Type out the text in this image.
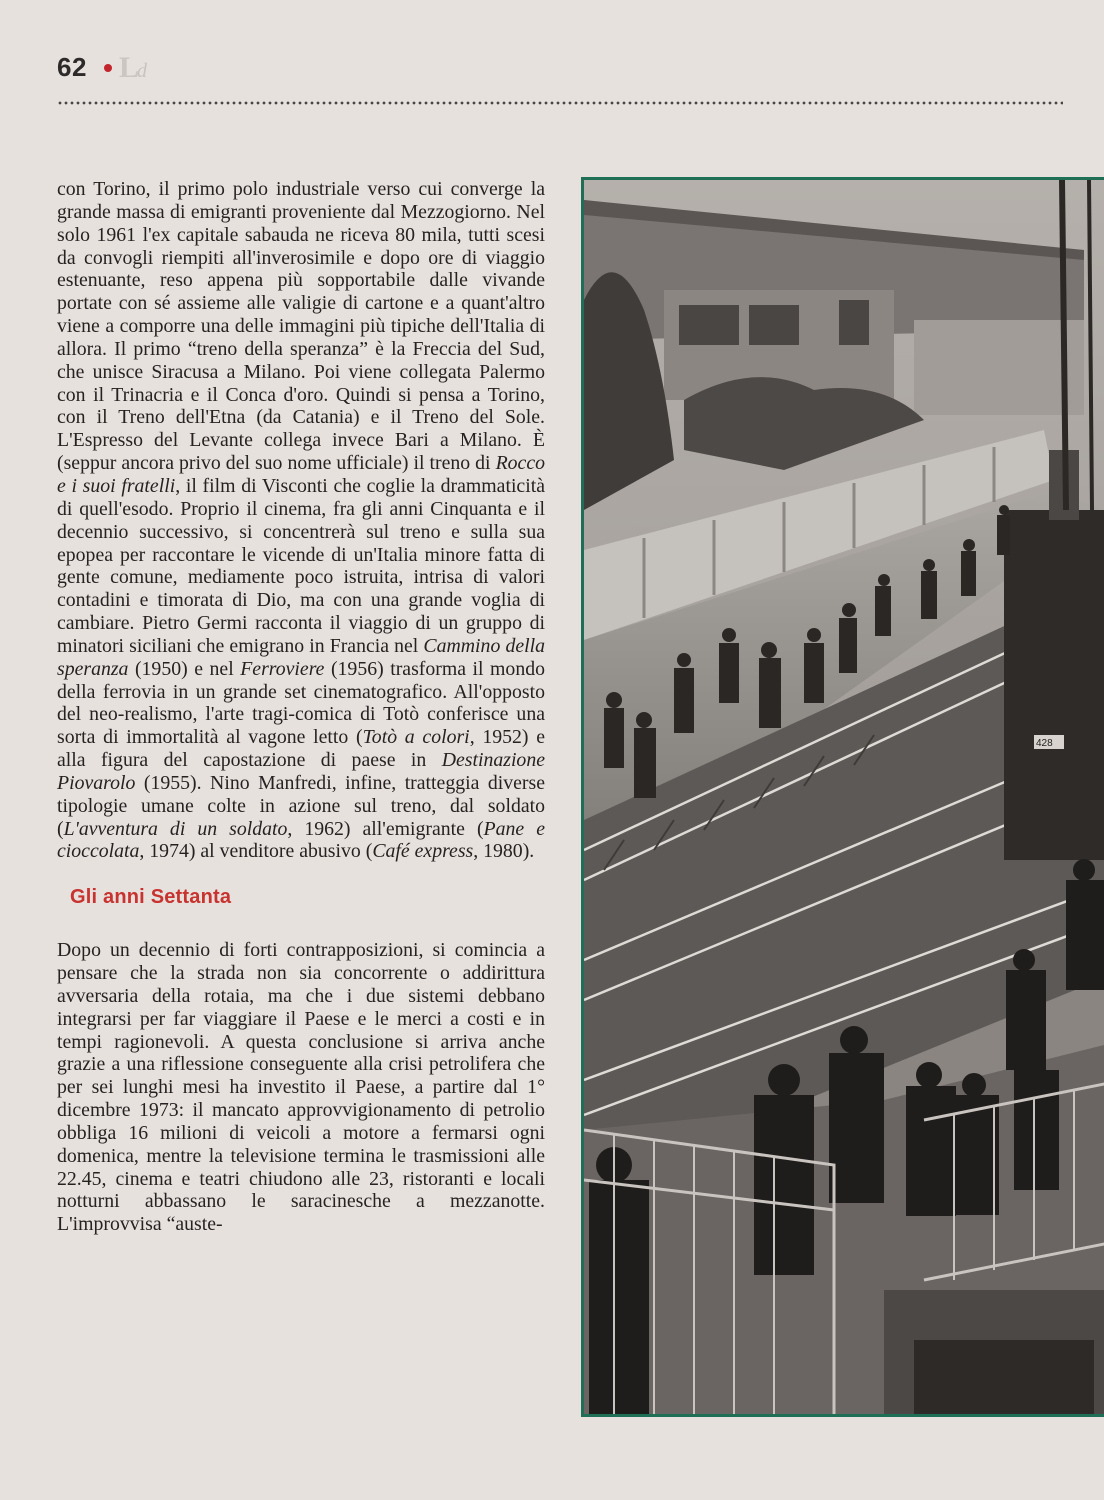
62 Ld

con Torino, il primo polo industriale verso cui converge la grande massa di emigranti proveniente dal Mezzogiorno. Nel solo 1961 l'ex capitale sabauda ne riceva 80 mila, tutti scesi da convogli riempiti all'inverosimile e dopo ore di viaggio estenuante, reso appena più sopportabile dalle vivande portate con sé assieme alle valigie di cartone e a quant'altro viene a comporre una delle immagini più tipiche dell'Italia di allora. Il primo “treno della speranza” è la Freccia del Sud, che unisce Siracusa a Milano. Poi viene collegata Palermo con il Trinacria e il Conca d'oro. Quindi si pensa a Torino, con il Treno dell'Etna (da Catania) e il Treno del Sole. L'Espresso del Levante collega invece Bari a Milano. È (seppur ancora privo del suo nome ufficiale) il treno di Rocco e i suoi fratelli, il film di Visconti che coglie la drammaticità di quell'esodo. Proprio il cinema, fra gli anni Cinquanta e il decennio successivo, si concentrerà sul treno e sulla sua epopea per raccontare le vicende di un'Italia minore fatta di gente comune, mediamente poco istruita, intrisa di valori contadini e timorata di Dio, ma con una grande voglia di cambiare. Pietro Germi racconta il viaggio di un gruppo di minatori siciliani che emigrano in Francia nel Cammino della speranza (1950) e nel Ferroviere (1956) trasforma il mondo della ferrovia in un grande set cinematografico. All'opposto del neo-realismo, l'arte tragi-comica di Totò conferisce una sorta di immortalità al vagone letto (Totò a colori, 1952) e alla figura del capostazione di paese in Destinazione Piovarolo (1955). Nino Manfredi, infine, tratteggia diverse tipologie umane colte in azione sul treno, dal soldato (L'avventura di un soldato, 1962) all'emigrante (Pane e cioccolata, 1974) al venditore abusivo (Café express, 1980).

Gli anni Settanta

Dopo un decennio di forti contrapposizioni, si comincia a pensare che la strada non sia concorrente o addirittura avversaria della rotaia, ma che i due sistemi debbano integrarsi per far viaggiare il Paese e le merci a costi e in tempi ragionevoli. A questa conclusione si arriva anche grazie a una riflessione conseguente alla crisi petrolifera che per sei lunghi mesi ha investito il Paese, a partire dal 1° dicembre 1973: il mancato approvvigionamento di petrolio obbliga 16 milioni di veicoli a motore a fermarsi ogni domenica, mentre la televisione termina le trasmissioni alle 22.45, cinema e teatri chiudono alle 23, ristoranti e locali notturni abbassano le saracinesche a mezzanotte. L'improvvisa “auste-

428
